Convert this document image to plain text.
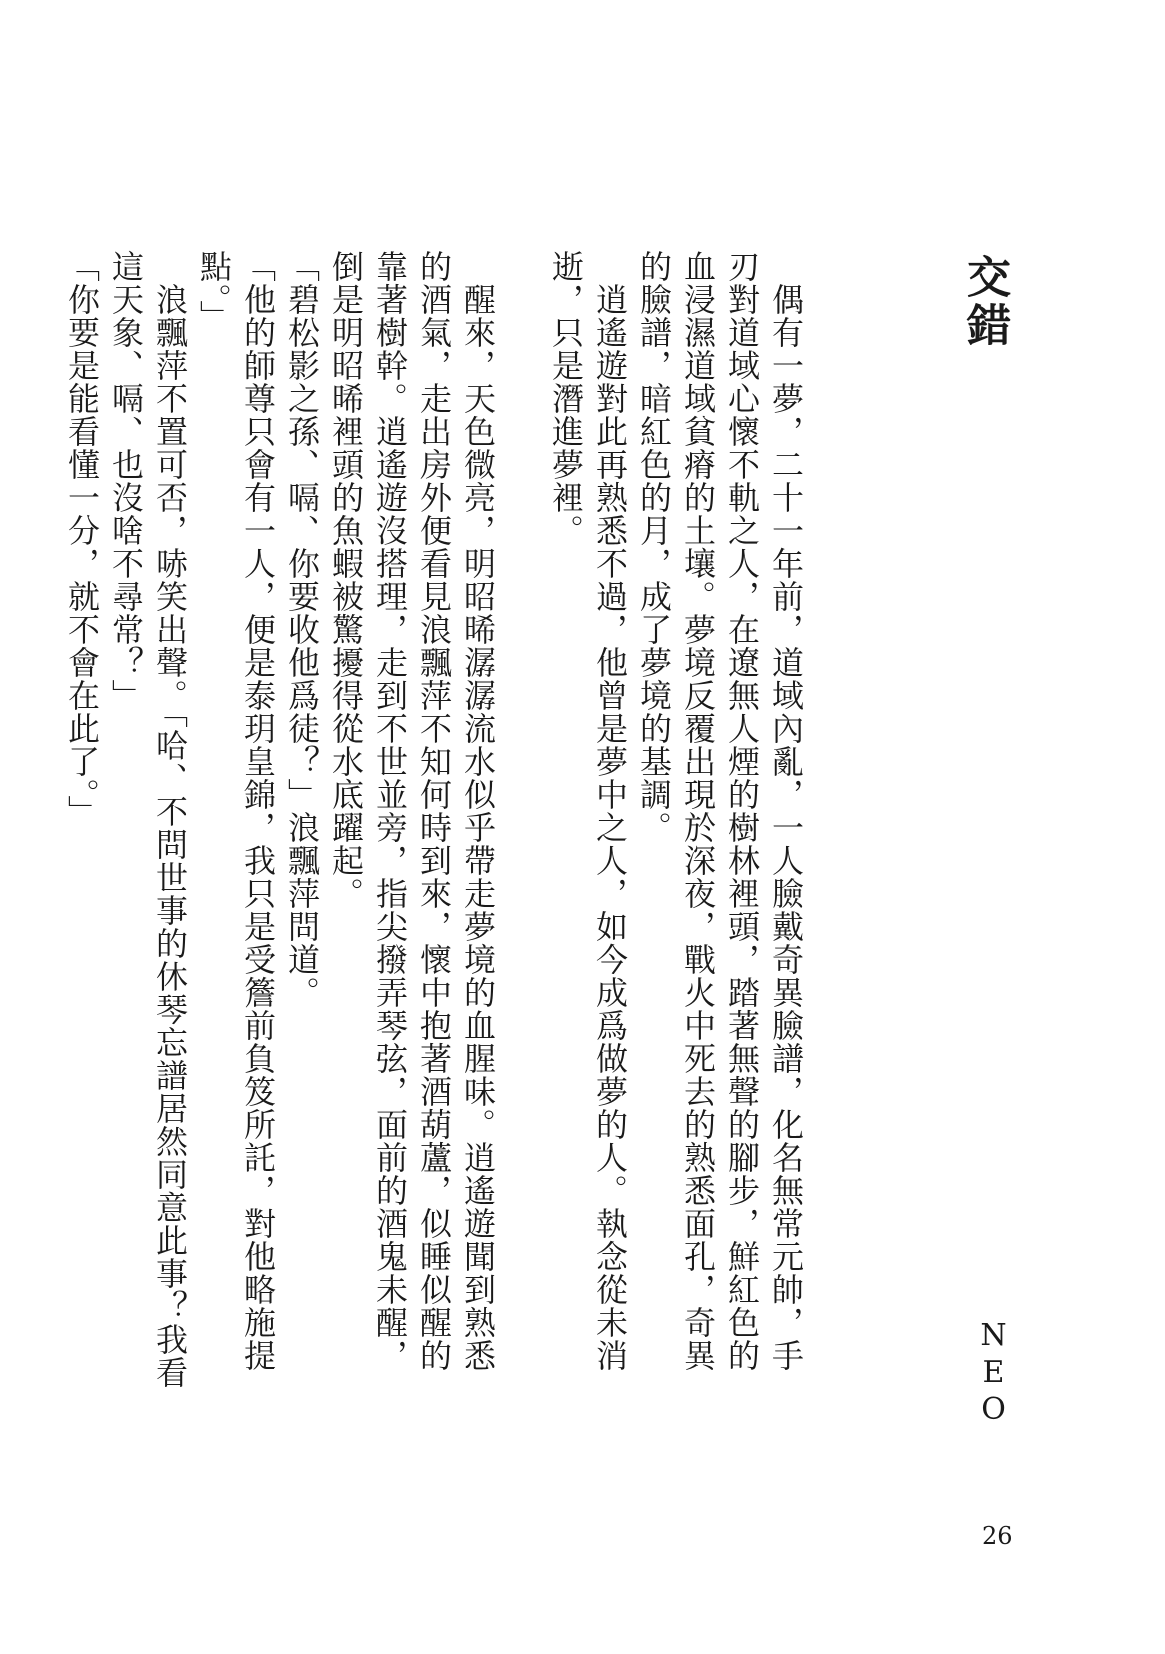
交錯

　偶有一夢，二十一年前，道域內亂，一人臉戴奇異臉譜，化名無常元帥，手刃對道域心懷不軌之人，在遼無人煙的樹林裡頭，踏著無聲的腳步，鮮紅色的血浸濕道域貧瘠的土壤。夢境反覆出現於深夜，戰火中死去的熟悉面孔，奇異的臉譜，暗紅色的月，成了夢境的基調。

　逍遙遊對此再熟悉不過，他曾是夢中之人，如今成爲做夢的人。執念從未消逝，只是潛進夢裡。

　醒來，天色微亮，明昭晞潺潺流水似乎帶走夢境的血腥味。逍遙遊聞到熟悉的酒氣，走出房外便看見浪飄萍不知何時到來，懷中抱著酒葫蘆，似睡似醒的靠著樹幹。逍遙遊沒搭理，走到不世並旁，指尖撥弄琴弦，面前的酒鬼未醒，倒是明昭晞裡頭的魚蝦被驚擾得從水底躍起。

「碧松影之孫、嗝、你要收他爲徒？」浪飄萍問道。

「他的師尊只會有一人，便是泰玥皇錦，我只是受簷前負笈所託，對他略施提點。」

　浪飄萍不置可否，哧笑出聲。「哈、不問世事的休琴忘譜居然同意此事？我看這天象、嗝、也沒啥不尋常？」

「你要是能看懂一分，就不會在此了。」

NEO
26
